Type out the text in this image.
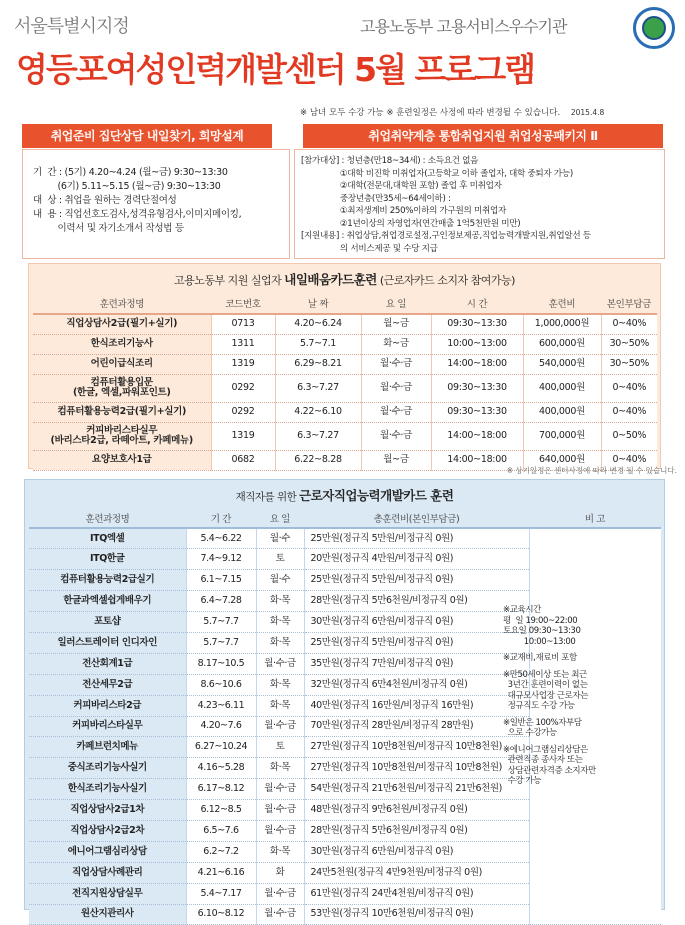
서울특별시지정	고용노동부 고용서비스우수기관
영등포여성인력개발센터 5월 프로그램
※ 남녀 모두 수강 가능 ※ 훈련일정은 사정에 따라 변경될 수 있습니다. 2015.4.8
취업준비 집단상담 내일찾기, 희망설계
기  간 : (5기) 4.20~4.24 (월~금) 9:30~13:30
(6기) 5.11~5.15 (월~금) 9:30~13:30
대  상 : 취업을 원하는 경력단절여성
내  용 : 직업선호도검사,성격유형검사,이미지메이킹,
이력서 및 자기소개서 작성법 등
취업취약계층 통합취업지원 취업성공패키지 Ⅱ
[참가대상] : 청년층(만18~34세) : 소득요건 없음
①대학 비진학 미취업자(고등학교 이하 졸업자, 대학 중퇴자 가능)
②대학(전문대,대학원 포함) 졸업 후 미취업자
중장년층(만35세~64세이하) :
①최저생계비 250%이하의 가구원의 미취업자
②1년이상의 자영업자(연간매출 1억5천만원 미만)
[지원내용] : 취업상담,취업경로설정,구인정보제공,직업능력개발지원,취업알선 등
의 서비스제공 및 수당 지급
고용노동부 지원 실업자 내일배움카드훈련 (근로자카드 소지자 참여가능)
훈련과정명	코드번호	날 짜	요 일	시 간	훈련비	본인부담금
직업상담사2급(필기+실기)	0713	4.20~6.24	월~금	09:30~13:30	1,000,000원	0~40%
한식조리기능사	1311	5.7~7.1	화~금	10:00~13:00	600,000원	30~50%
어린이급식조리	1319	6.29~8.21	월·수·금	14:00~18:00	540,000원	30~50%
컴퓨터활용입문
(한글, 엑셀,파워포인트)	0292	6.3~7.27	월·수·금	09:30~13:30	400,000원	0~40%
컴퓨터활용능력2급(필기+실기)	0292	4.22~6.10	월·수·금	09:30~13:30	400,000원	0~40%
커피바리스타실무
(바리스타2급, 라떼아트, 카페메뉴)	1319	6.3~7.27	월·수·금	14:00~18:00	700,000원	0~50%
요양보호사1급	0682	6.22~8.28	월~금	14:00~18:00	640,000원	0~40%
※ 상기일정은 센터사정에 따라 변경 될 수 있습니다.
재직자를 위한 근로자직업능력개발카드 훈련
훈련과정명	기 간	요 일	총훈련비(본인부담금)	비 고
ITQ엑셀	5.4~6.22	월·수	25만원(정규직 5만원/비정규직 0원)	
ITQ한글	7.4~9.12	토	20만원(정규직 4만원/비정규직 0원)	
컴퓨터활용능력2급실기	6.1~7.15	월·수	25만원(정규직 5만원/비정규직 0원)	
한글과엑셀쉽게배우기	6.4~7.28	화·목	28만원(정규직 5만6천원/비정규직 0원)	
포토샵	5.7~7.7	화·목	30만원(정규직 6만원/비정규직 0원)	
일러스트레이터 인디자인	5.7~7.7	화·목	25만원(정규직 5만원/비정규직 0원)	
전산회계1급	8.17~10.5	월·수·금	35만원(정규직 7만원/비정규직 0원)	
전산세무2급	8.6~10.6	화·목	32만원(정규직 6만4천원/비정규직 0원)	
커피바리스타2급	4.23~6.11	화·목	40만원(정규직 16만원/비정규직 16만원)	
커피바리스타실무	4.20~7.6	월·수·금	70만원(정규직 28만원/비정규직 28만원)	
카페브런치메뉴	6.27~10.24	토	27만원(정규직 10만8천원/비정규직 10만8천원)	
중식조리기능사실기	4.16~5.28	화·목	27만원(정규직 10만8천원/비정규직 10만8천원)	
한식조리기능사실기	6.17~8.12	월·수·금	54만원(정규직 21만6천원/비정규직 21만6천원)	
직업상담사2급1차	6.12~8.5	월·수·금	48만원(정규직 9만6천원/비정규직 0원)	
직업상담사2급2차	6.5~7.6	월·수·금	28만원(정규직 5만6천원/비정규직 0원)	
에니어그램심리상담	6.2~7.2	화·목	30만원(정규직 6만원/비정규직 0원)	
직업상담사례관리	4.21~6.16	화	24만5천원(정규직 4만9천원/비정규직 0원)	
전직지원상담실무	5.4~7.17	월·수·금	61만원(정규직 24만4천원/비정규직 0원)	
원산지관리사	6.10~8.12	월·수·금	53만원(정규직 10만6천원/비정규직 0원)	

※교육시간
평  일 19:00~22:00
토요일 09:30~13:30
10:00~13:00

※교재비,재료비 포함

※만50세이상 또는 최근
3년간 훈련이력이 없는
대규모사업장 근로자는
정규직도 수강 가능

※일반은 100%자부담
으로 수강가능

※에니어그램심리상담은
관련직종 종사자 또는
상담관련자격증 소지자만
수강 가능
